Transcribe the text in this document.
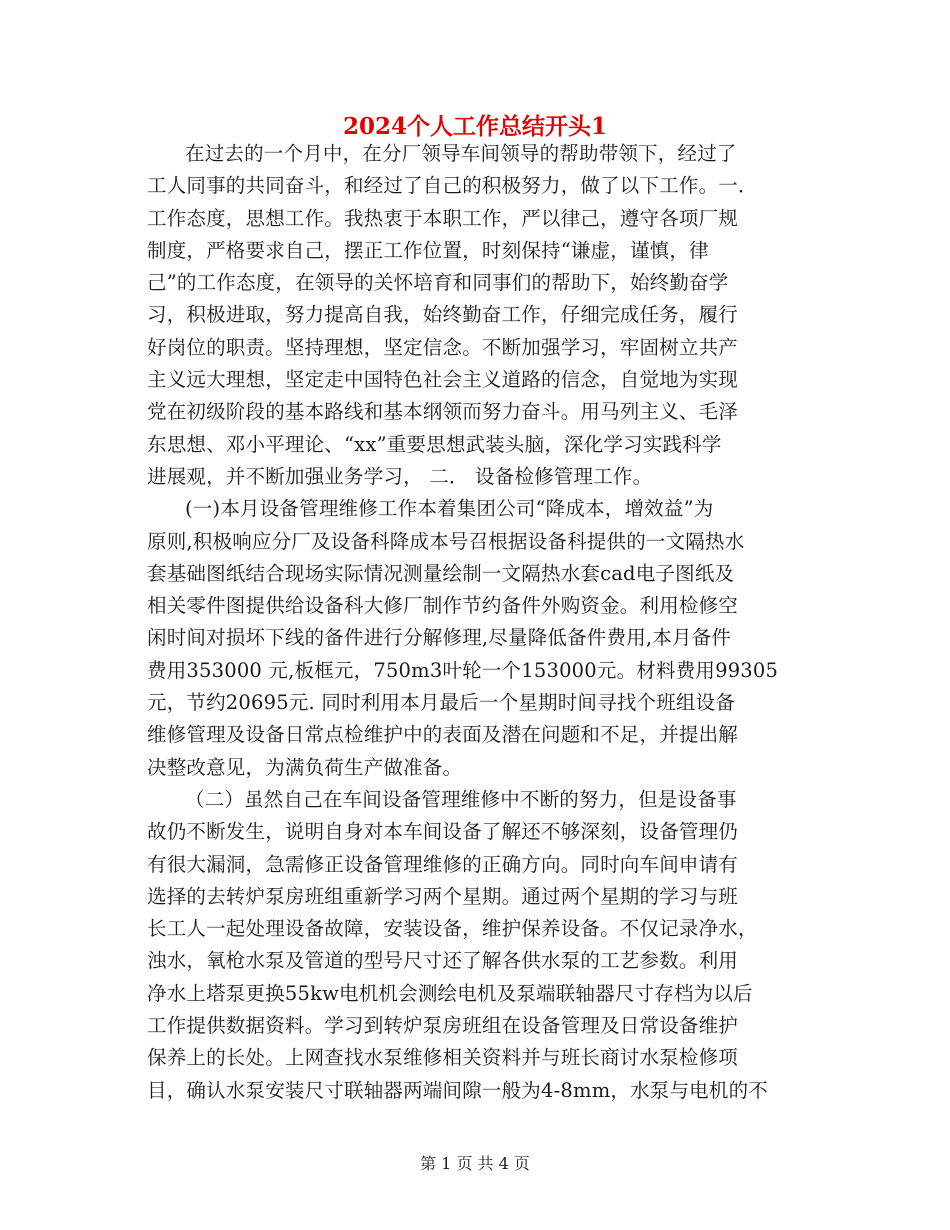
2024个人工作总结开头1
在过去的一个月中，在分厂领导车间领导的帮助带领下，经过了
工人同事的共同奋斗，和经过了自己的积极努力，做了以下工作。一．
工作态度，思想工作。我热衷于本职工作，严以律己，遵守各项厂规
制度，严格要求自己，摆正工作位置，时刻保持“谦虚，谨慎，律
己”的工作态度，在领导的关怀培育和同事们的帮助下，始终勤奋学
习，积极进取，努力提高自我，始终勤奋工作，仔细完成任务，履行
好岗位的职责。坚持理想，坚定信念。不断加强学习，牢固树立共产
主义远大理想，坚定走中国特色社会主义道路的信念，自觉地为实现
党在初级阶段的基本路线和基本纲领而努力奋斗。用马列主义、毛泽
东思想、邓小平理论、“xx”重要思想武装头脑，深化学习实践科学
进展观，并不断加强业务学习， 二． 设备检修管理工作。
(一)本月设备管理维修工作本着集团公司“降成本，增效益”为
原则,积极响应分厂及设备科降成本号召根据设备科提供的一文隔热水
套基础图纸结合现场实际情况测量绘制一文隔热水套cad电子图纸及
相关零件图提供给设备科大修厂制作节约备件外购资金。利用检修空
闲时间对损坏下线的备件进行分解修理,尽量降低备件费用,本月备件
费用353000 元,板框元，750m3叶轮一个153000元。材料费用99305
元，节约20695元. 同时利用本月最后一个星期时间寻找个班组设备
维修管理及设备日常点检维护中的表面及潜在问题和不足，并提出解
决整改意见，为满负荷生产做准备。
（二）虽然自己在车间设备管理维修中不断的努力，但是设备事
故仍不断发生，说明自身对本车间设备了解还不够深刻，设备管理仍
有很大漏洞，急需修正设备管理维修的正确方向。同时向车间申请有
选择的去转炉泵房班组重新学习两个星期。通过两个星期的学习与班
长工人一起处理设备故障，安装设备，维护保养设备。不仅记录净水，
浊水，氧枪水泵及管道的型号尺寸还了解各供水泵的工艺参数。利用
净水上塔泵更换55kw电机机会测绘电机及泵端联轴器尺寸存档为以后
工作提供数据资料。学习到转炉泵房班组在设备管理及日常设备维护
保养上的长处。上网查找水泵维修相关资料并与班长商讨水泵检修项
目，确认水泵安装尺寸联轴器两端间隙一般为4-8mm，水泵与电机的不
第 1 页 共 4 页
